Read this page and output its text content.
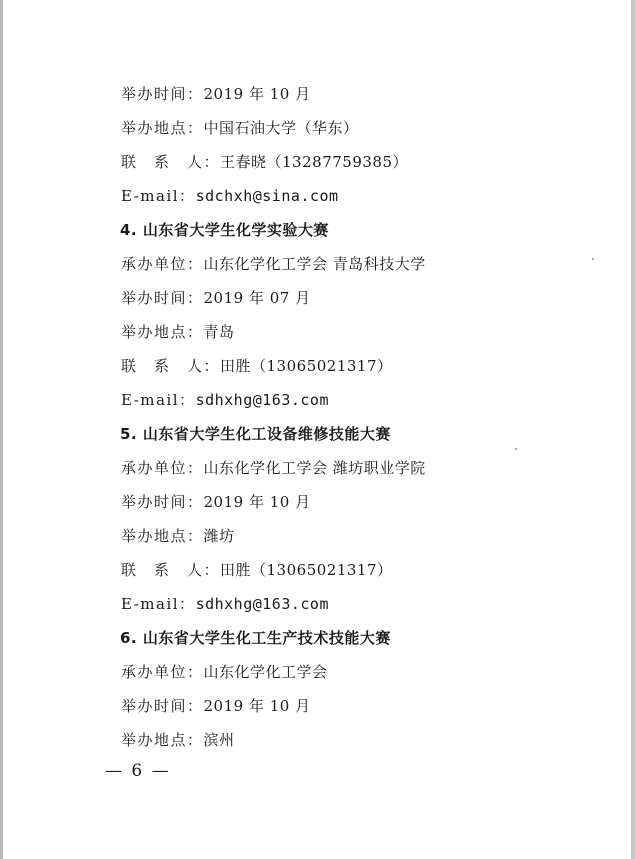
举办时间：2019 年 10 月
举办地点：中国石油大学（华东）
联　系　人：王春晓（13287759385）
E-mail：sdchxh@sina.com
4. 山东省大学生化学实验大赛
承办单位：山东化学化工学会 青岛科技大学
举办时间：2019 年 07 月
举办地点：青岛
联　系　人：田胜（13065021317）
E-mail：sdhxhg@163.com
5. 山东省大学生化工设备维修技能大赛
承办单位：山东化学化工学会 潍坊职业学院
举办时间：2019 年 10 月
举办地点：潍坊
联　系　人：田胜（13065021317）
E-mail：sdhxhg@163.com
6. 山东省大学生化工生产技术技能大赛
承办单位：山东化学化工学会
举办时间：2019 年 10 月
举办地点：滨州
— 6 —
